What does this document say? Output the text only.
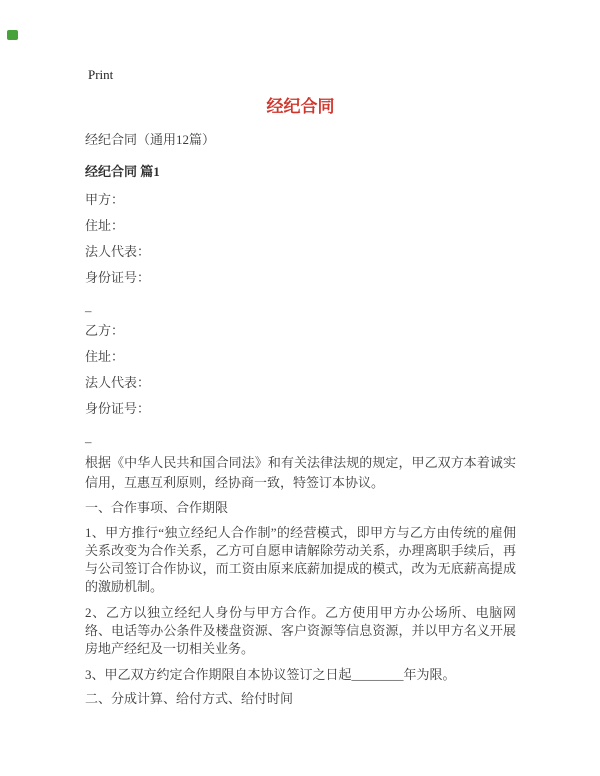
Print
经纪合同
经纪合同（通用12篇）
经纪合同 篇1
甲方：
住址：
法人代表：
身份证号：
–
乙方：
住址：
法人代表：
身份证号：
–
根据《中华人民共和国合同法》和有关法律法规的规定，甲乙双方本着诚实信用，互惠互利原则，经协商一致，特签订本协议。
一、合作事项、合作期限
1、甲方推行“独立经纪人合作制”的经营模式，即甲方与乙方由传统的雇佣关系改变为合作关系，乙方可自愿申请解除劳动关系，办理离职手续后，再与公司签订合作协议，而工资由原来底薪加提成的模式，改为无底薪高提成的激励机制。
2、乙方以独立经纪人身份与甲方合作。乙方使用甲方办公场所、电脑网络、电话等办公条件及楼盘资源、客户资源等信息资源，并以甲方名义开展房地产经纪及一切相关业务。
3、甲乙双方约定合作期限自本协议签订之日起________年为限。
二、分成计算、给付方式、给付时间
